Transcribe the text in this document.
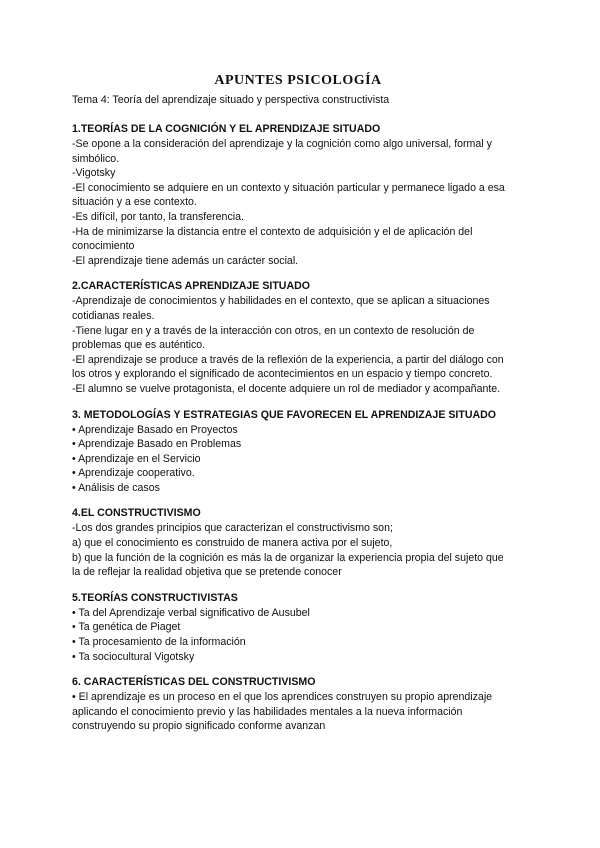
APUNTES PSICOLOGÍA

Tema 4: Teoría del aprendizaje situado y perspectiva constructivista

1.TEORÍAS DE LA COGNICIÓN Y EL APRENDIZAJE SITUADO

-Se opone a la consideración del aprendizaje y la cognición como algo universal, formal y

simbólico.

-Vigotsky

-El conocimiento se adquiere en un contexto y situación particular y permanece ligado a esa

situación y a ese contexto.

-Es difícil, por tanto, la transferencia.

-Ha de minimizarse la distancia entre el contexto de adquisición y el de aplicación del

conocimiento

-El aprendizaje tiene además un carácter social.

2.CARACTERÍSTICAS APRENDIZAJE SITUADO

-Aprendizaje de conocimientos y habilidades en el contexto, que se aplican a situaciones

cotidianas reales.

-Tiene lugar en y a través de la interacción con otros, en un contexto de resolución de

problemas que es auténtico.

-El aprendizaje se produce a través de la reflexión de la experiencia, a partir del diálogo con

los otros y explorando el significado de acontecimientos en un espacio y tiempo concreto.

-El alumno se vuelve protagonista, el docente adquiere un rol de mediador y acompañante.

3. METODOLOGÍAS Y ESTRATEGIAS QUE FAVORECEN EL APRENDIZAJE SITUADO

• Aprendizaje Basado en Proyectos

• Aprendizaje Basado en Problemas

• Aprendizaje en el Servicio

• Aprendizaje cooperativo.

• Análisis de casos

4.EL CONSTRUCTIVISMO

-Los dos grandes principios que caracterizan el constructivismo son;

a) que el conocimiento es construido de manera activa por el sujeto,

b) que la función de la cognición es más la de organizar la experiencia propia del sujeto que

la de reflejar la realidad objetiva que se pretende conocer

5.TEORÍAS CONSTRUCTIVISTAS

• Ta del Aprendizaje verbal significativo de Ausubel

• Ta genética de Piaget

• Ta procesamiento de la información

• Ta sociocultural Vigotsky

6. CARACTERÍSTICAS DEL CONSTRUCTIVISMO

• El aprendizaje es un proceso en el que los aprendices construyen su propio aprendizaje

aplicando el conocimiento previo y las habilidades mentales a la nueva información

construyendo su propio significado conforme avanzan
